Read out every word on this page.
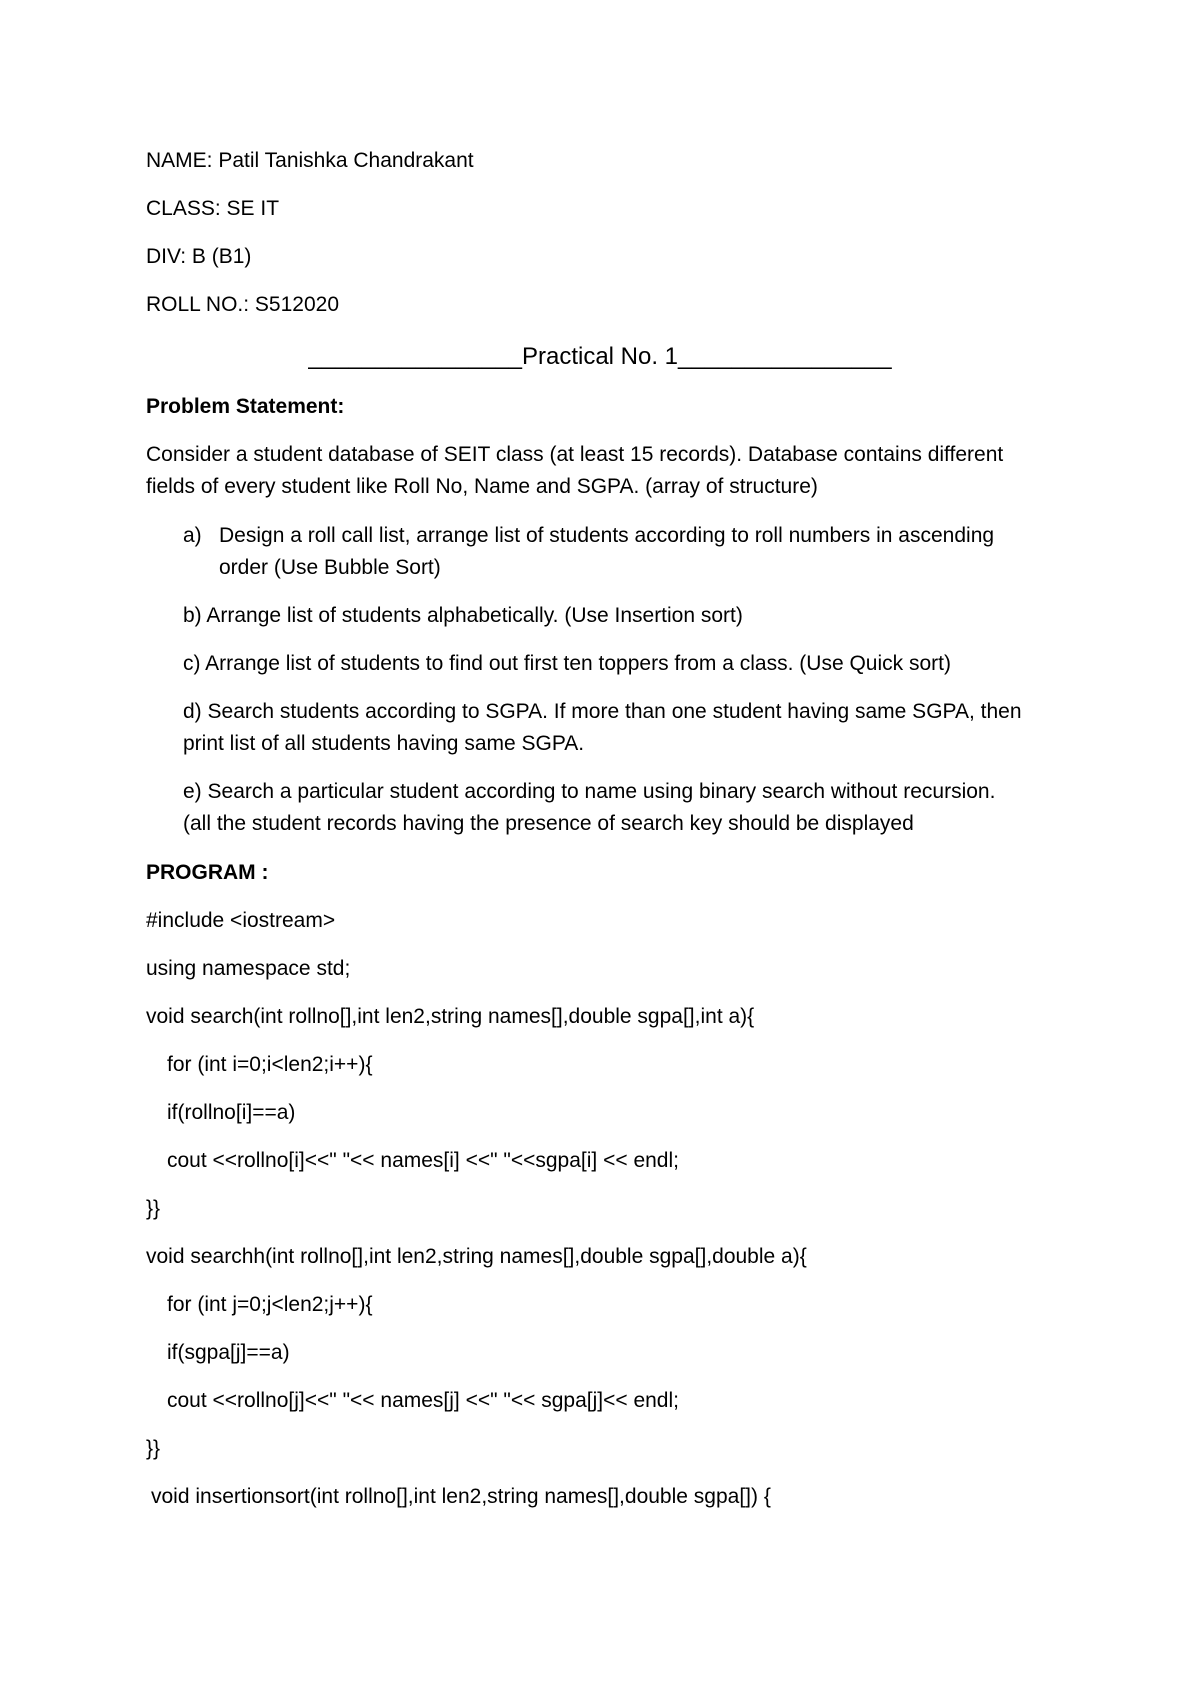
NAME: Patil Tanishka Chandrakant
CLASS: SE IT
DIV: B (B1)
ROLL NO.: S512020
________________Practical No. 1________________
Problem Statement:
Consider a student database of SEIT class (at least 15 records). Database contains different
fields of every student like Roll No, Name and SGPA. (array of structure)
a) Design a roll call list, arrange list of students according to roll numbers in ascending
order (Use Bubble Sort)
b) Arrange list of students alphabetically. (Use Insertion sort)
c) Arrange list of students to find out first ten toppers from a class. (Use Quick sort)
d) Search students according to SGPA. If more than one student having same SGPA, then
print list of all students having same SGPA.
e) Search a particular student according to name using binary search without recursion.
(all the student records having the presence of search key should be displayed
PROGRAM :
#include <iostream>
using namespace std;
void search(int rollno[],int len2,string names[],double sgpa[],int a){
for (int i=0;i<len2;i++){
if(rollno[i]==a)
cout <<rollno[i]<<" "<< names[i] <<" "<<sgpa[i] << endl;
}}
void searchh(int rollno[],int len2,string names[],double sgpa[],double a){
for (int j=0;j<len2;j++){
if(sgpa[j]==a)
cout <<rollno[j]<<" "<< names[j] <<" "<< sgpa[j]<< endl;
}}
void insertionsort(int rollno[],int len2,string names[],double sgpa[]) {
